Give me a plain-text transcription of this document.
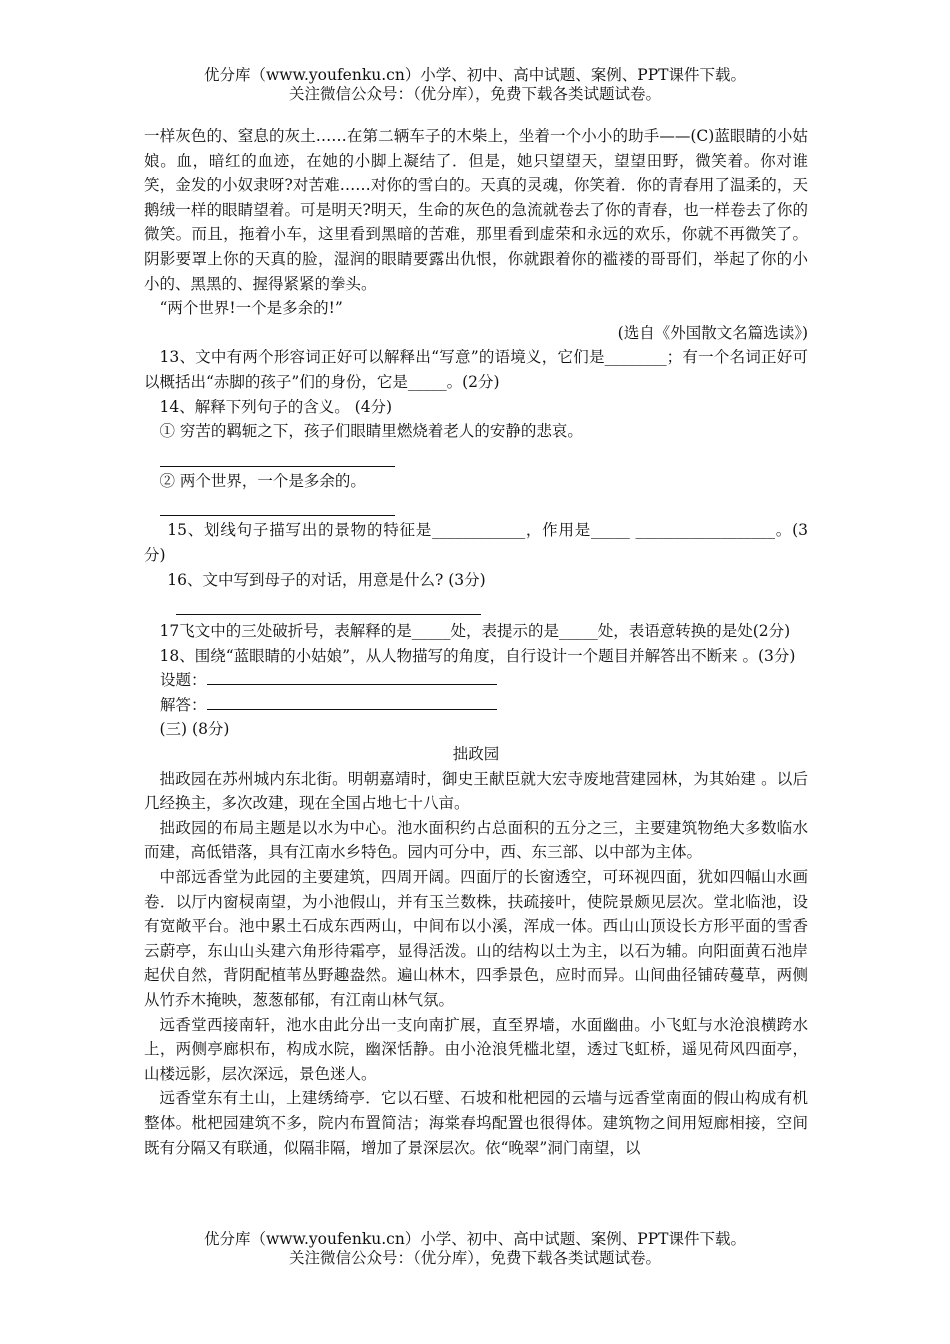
优分库（www.youfenku.cn）小学、初中、高中试题、案例、PPT课件下载。
关注微信公众号：（优分库），免费下载各类试题试卷。

一样灰色的、窒息的灰土……在第二辆车子的木柴上，坐着一个小小的助手——(C)蓝眼睛的小姑娘。血，暗红的血迹，在她的小脚上凝结了．但是，她只望望天，望望田野，微笑着。你对谁笑，金发的小奴隶呀?对苦难……对你的雪白的。天真的灵魂，你笑着．你的青春用了温柔的，天鹅绒一样的眼睛望着。可是明天?明天，生命的灰色的急流就卷去了你的青春，也一样卷去了你的微笑。而且，拖着小车，这里看到黑暗的苦难，那里看到虚荣和永远的欢乐，你就不再微笑了。阴影要罩上你的天真的脸，湿润的眼睛要露出仇恨，你就跟着你的褴褛的哥哥们，举起了你的小小的、黑黑的、握得紧紧的拳头。

“两个世界!一个是多余的!”

(选自《外国散文名篇选读》)

13、文中有两个形容词正好可以解释出“写意”的语境义，它们是________；有一个名词正好可以概括出“赤脚的孩子”们的身份，它是_____。(2分)

14、解释下列句子的含义。 (4分)

① 穷苦的羁轭之下，孩子们眼睛里燃烧着老人的安静的悲哀。

② 两个世界，一个是多余的。

15、划线句子描写出的景物的特征是____________，作用是_____ __________________。(3分)

16、文中写到母子的对话，用意是什么? (3分)

17飞文中的三处破折号，表解释的是_____处，表提示的是_____处，表语意转换的是处(2分)

18、围绕“蓝眼睛的小姑娘”，从人物描写的角度，自行设计一个题目并解答出不断来 。(3分)

设题：
解答：

(三) (8分)

拙政园

拙政园在苏州城内东北街。明朝嘉靖时，御史王献臣就大宏寺废地营建园林，为其始建 。以后几经换主，多次改建，现在全国占地七十八亩。

拙政园的布局主题是以水为中心。池水面积约占总面积的五分之三，主要建筑物绝大多数临水而建，高低错落，具有江南水乡特色。园内可分中，西、东三部、以中部为主体。

中部远香堂为此园的主要建筑，四周开阔。四面厅的长窗透空，可环视四面，犹如四幅山水画卷．以厅内窗棂南望，为小池假山，并有玉兰数株，扶疏接叶，使院景颇见层次。堂北临池，设有宽敞平台。池中累土石成东西两山，中间布以小溪，浑成一体。西山山顶设长方形平面的雪香云蔚亭，东山山头建六角形待霜亭，显得活泼。山的结构以土为主，以石为辅。向阳面黄石池岸起伏自然，背阴配植苇丛野趣盎然。遍山林木，四季景色，应时而异。山间曲径铺砖蔓草，两侧从竹乔木掩映，葱葱郁郁，有江南山林气氛。

远香堂西接南轩，池水由此分出一支向南扩展，直至界墙，水面幽曲。小飞虹与水沧浪横跨水上，两侧亭廊枳布，构成水院，幽深恬静。由小沧浪凭槛北望，透过飞虹桥，遥见荷风四面亭，山楼远影，层次深远，景色迷人。

远香堂东有土山，上建绣绮亭．它以石壁、石坡和枇杷园的云墙与远香堂南面的假山构成有机整体。枇杷园建筑不多，院内布置简洁；海棠春坞配置也很得体。建筑物之间用短廊相接，空间既有分隔又有联通，似隔非隔，增加了景深层次。依“晚翠”洞门南望，以

优分库（www.youfenku.cn）小学、初中、高中试题、案例、PPT课件下载。
关注微信公众号：（优分库），免费下载各类试题试卷。
